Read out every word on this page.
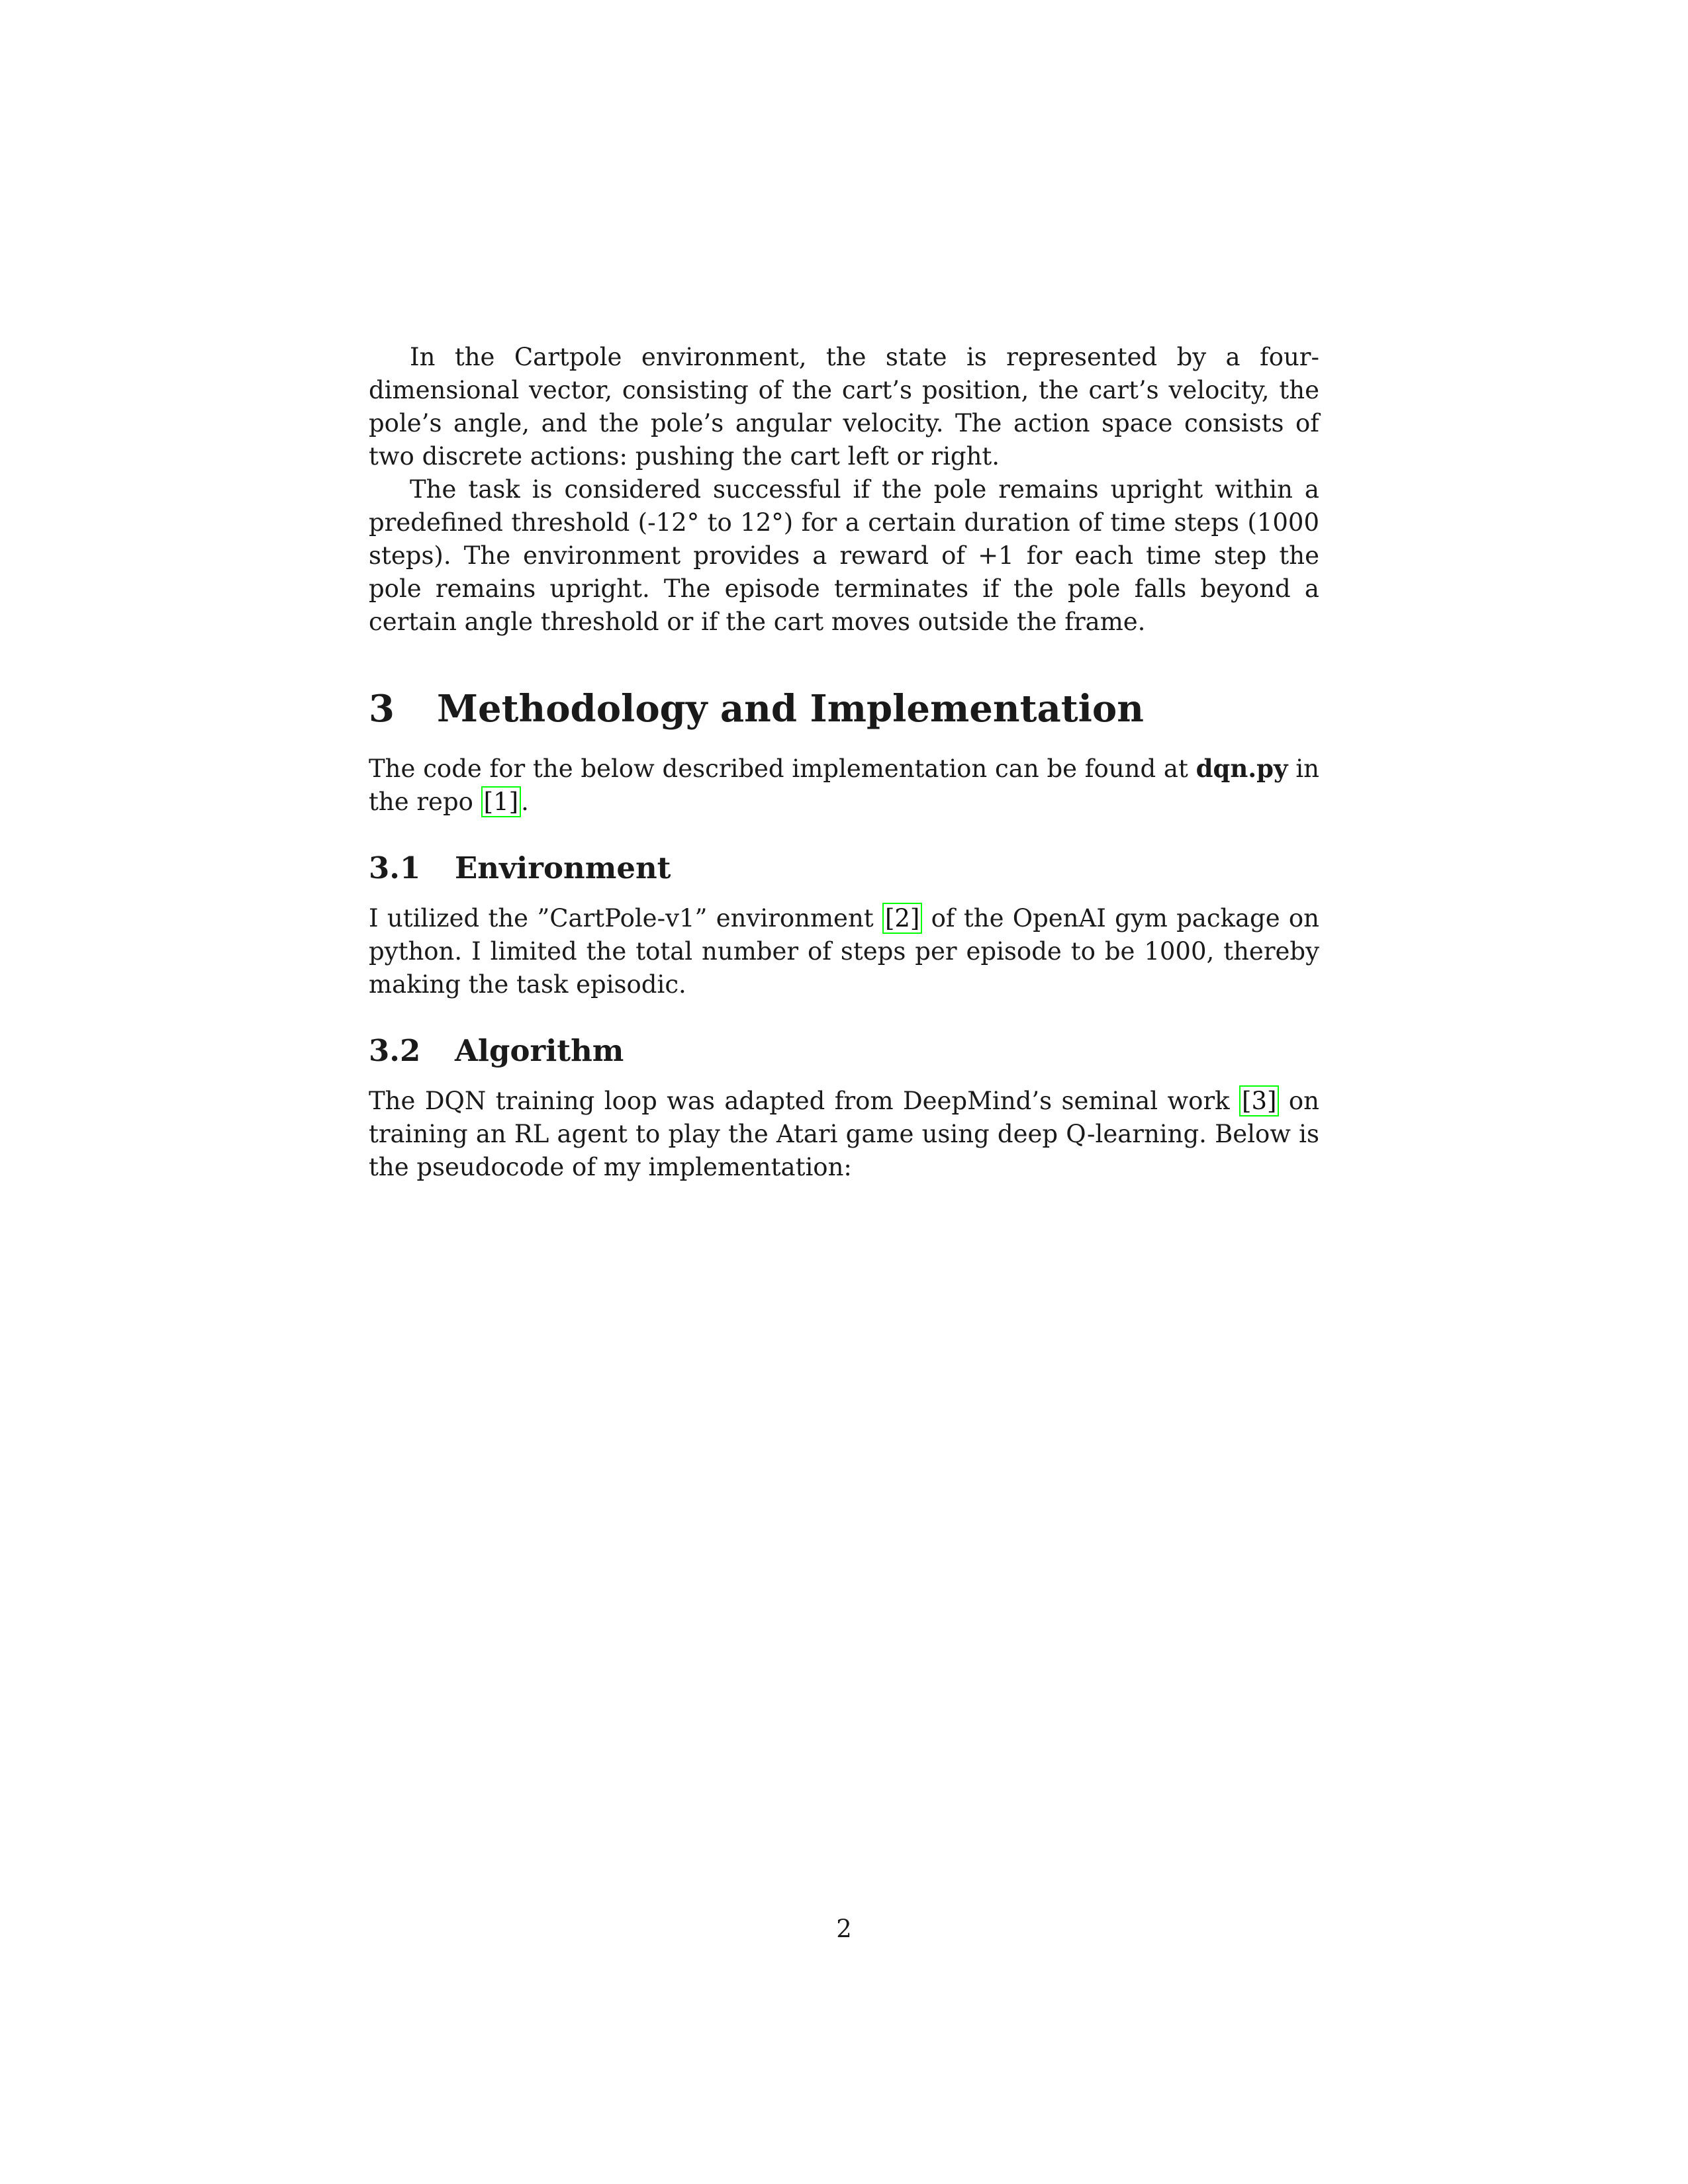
In the Cartpole environment, the state is represented by a four-dimensional vector, consisting of the cart’s position, the cart’s velocity, the pole’s angle, and the pole’s angular velocity. The action space consists of two discrete actions: pushing the cart left or right.

The task is considered successful if the pole remains upright within a predefined threshold (-12° to 12°) for a certain duration of time steps (1000 steps). The environment provides a reward of +1 for each time step the pole remains upright. The episode terminates if the pole falls beyond a certain angle threshold or if the cart moves outside the frame.

3	Methodology and Implementation

The code for the below described implementation can be found at dqn.py in the repo [1] .

3.1	Environment

I utilized the ”CartPole-v1” environment [2] of the OpenAI gym package on python. I limited the total number of steps per episode to be 1000, thereby making the task episodic.

3.2	Algorithm

The DQN training loop was adapted from DeepMind’s seminal work [3] on training an RL agent to play the Atari game using deep Q-learning. Below is the pseudocode of my implementation:

2
